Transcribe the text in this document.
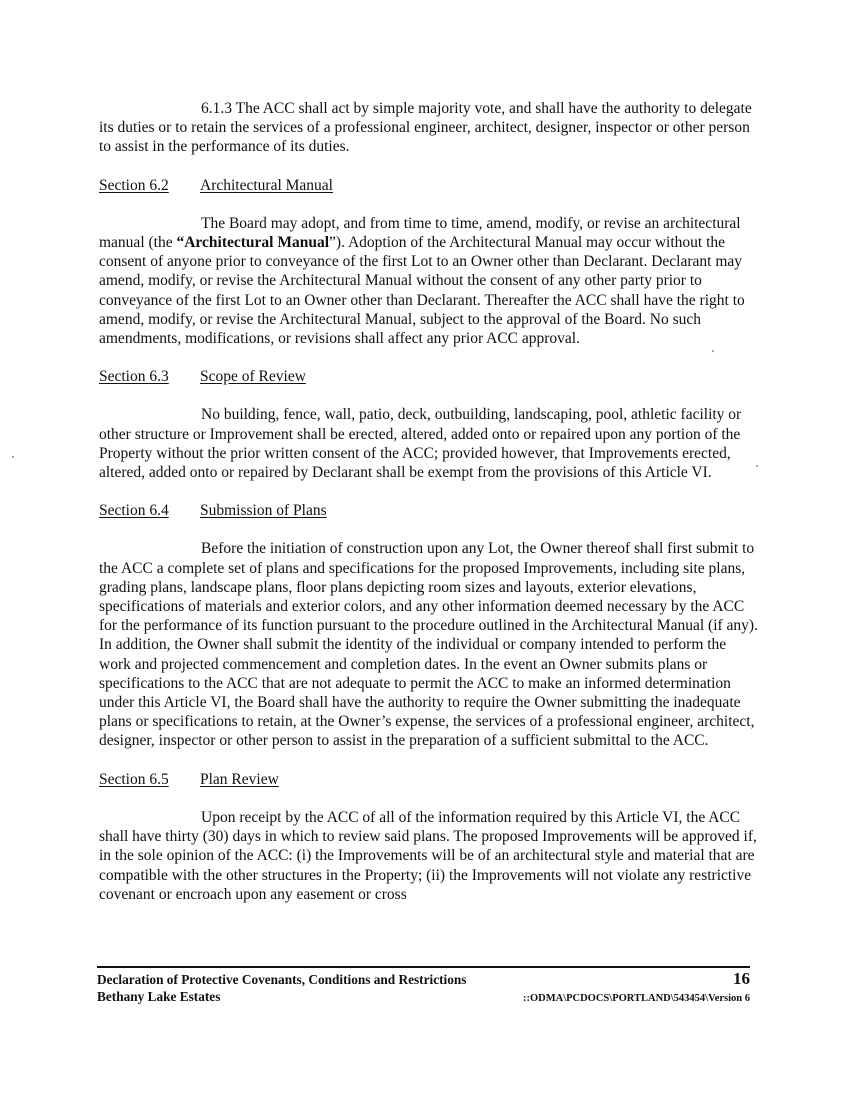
6.1.3 The ACC shall act by simple majority vote, and shall have the authority to delegate its duties or to retain the services of a professional engineer, architect, designer, inspector or other person to assist in the performance of its duties.

Section 6.2	Architectural Manual

The Board may adopt, and from time to time, amend, modify, or revise an architectural manual (the “Architectural Manual”). Adoption of the Architectural Manual may occur without the consent of anyone prior to conveyance of the first Lot to an Owner other than Declarant. Declarant may amend, modify, or revise the Architectural Manual without the consent of any other party prior to conveyance of the first Lot to an Owner other than Declarant. Thereafter the ACC shall have the right to amend, modify, or revise the Architectural Manual, subject to the approval of the Board. No such amendments, modifications, or revisions shall affect any prior ACC approval.

Section 6.3	Scope of Review

No building, fence, wall, patio, deck, outbuilding, landscaping, pool, athletic facility or other structure or Improvement shall be erected, altered, added onto or repaired upon any portion of the Property without the prior written consent of the ACC; provided however, that Improvements erected, altered, added onto or repaired by Declarant shall be exempt from the provisions of this Article VI.

Section 6.4	Submission of Plans

Before the initiation of construction upon any Lot, the Owner thereof shall first submit to the ACC a complete set of plans and specifications for the proposed Improvements, including site plans, grading plans, landscape plans, floor plans depicting room sizes and layouts, exterior elevations, specifications of materials and exterior colors, and any other information deemed necessary by the ACC for the performance of its function pursuant to the procedure outlined in the Architectural Manual (if any). In addition, the Owner shall submit the identity of the individual or company intended to perform the work and projected commencement and completion dates. In the event an Owner submits plans or specifications to the ACC that are not adequate to permit the ACC to make an informed determination under this Article VI, the Board shall have the authority to require the Owner submitting the inadequate plans or specifications to retain, at the Owner’s expense, the services of a professional engineer, architect, designer, inspector or other person to assist in the preparation of a sufficient submittal to the ACC.

Section 6.5	Plan Review

Upon receipt by the ACC of all of the information required by this Article VI, the ACC shall have thirty (30) days in which to review said plans. The proposed Improvements will be approved if, in the sole opinion of the ACC: (i) the Improvements will be of an architectural style and material that are compatible with the other structures in the Property; (ii) the Improvements will not violate any restrictive covenant or encroach upon any easement or cross

Declaration of Protective Covenants, Conditions and Restrictions	16
Bethany Lake Estates	::ODMA\PCDOCS\PORTLAND\543454\Version 6
